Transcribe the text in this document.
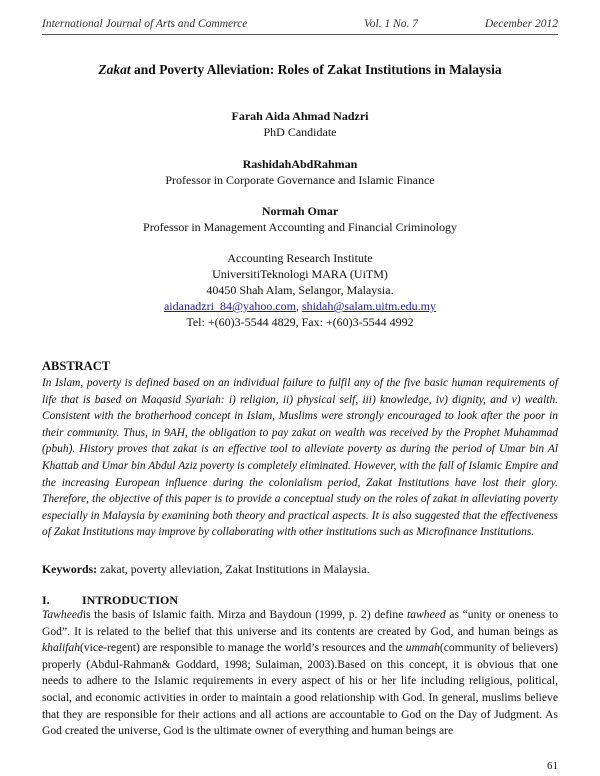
International Journal of Arts and Commerce	Vol. 1 No. 7	December 2012
Zakat and Poverty Alleviation: Roles of Zakat Institutions in Malaysia
Farah Aida Ahmad Nadzri
PhD Candidate
RashidahAbdRahman
Professor in Corporate Governance and Islamic Finance
Normah Omar
Professor in Management Accounting and Financial Criminology
Accounting Research Institute
UniversitiTeknologi MARA (UiTM)
40450 Shah Alam, Selangor, Malaysia.
aidanadzri_84@yahoo.com, shidah@salam.uitm.edu.my
Tel: +(60)3-5544 4829, Fax: +(60)3-5544 4992
ABSTRACT
In Islam, poverty is defined based on an individual failure to fulfil any of the five basic human requirements of life that is based on Maqasid Syariah: i) religion, ii) physical self, iii) knowledge, iv) dignity, and v) wealth. Consistent with the brotherhood concept in Islam, Muslims were strongly encouraged to look after the poor in their community. Thus, in 9AH, the obligation to pay zakat on wealth was received by the Prophet Muhammad (pbuh). History proves that zakat is an effective tool to alleviate poverty as during the period of Umar bin Al Khattab and Umar bin Abdul Aziz poverty is completely eliminated. However, with the fall of Islamic Empire and the increasing European influence during the colonialism period, Zakat Institutions have lost their glory. Therefore, the objective of this paper is to provide a conceptual study on the roles of zakat in alleviating poverty especially in Malaysia by examining both theory and practical aspects. It is also suggested that the effectiveness of Zakat Institutions may improve by collaborating with other institutions such as Microfinance Institutions.
Keywords: zakat, poverty alleviation, Zakat Institutions in Malaysia.
I.	INTRODUCTION
Tawheedis the basis of Islamic faith. Mirza and Baydoun (1999, p. 2) define tawheed as “unity or oneness to God”. It is related to the belief that this universe and its contents are created by God, and human beings as khalifah(vice-regent) are responsible to manage the world’s resources and the ummah(community of believers) properly (Abdul-Rahman& Goddard, 1998; Sulaiman, 2003).Based on this concept, it is obvious that one needs to adhere to the Islamic requirements in every aspect of his or her life including religious, political, social, and economic activities in order to maintain a good relationship with God. In general, muslims believe that they are responsible for their actions and all actions are accountable to God on the Day of Judgment. As God created the universe, God is the ultimate owner of everything and human beings are
61
